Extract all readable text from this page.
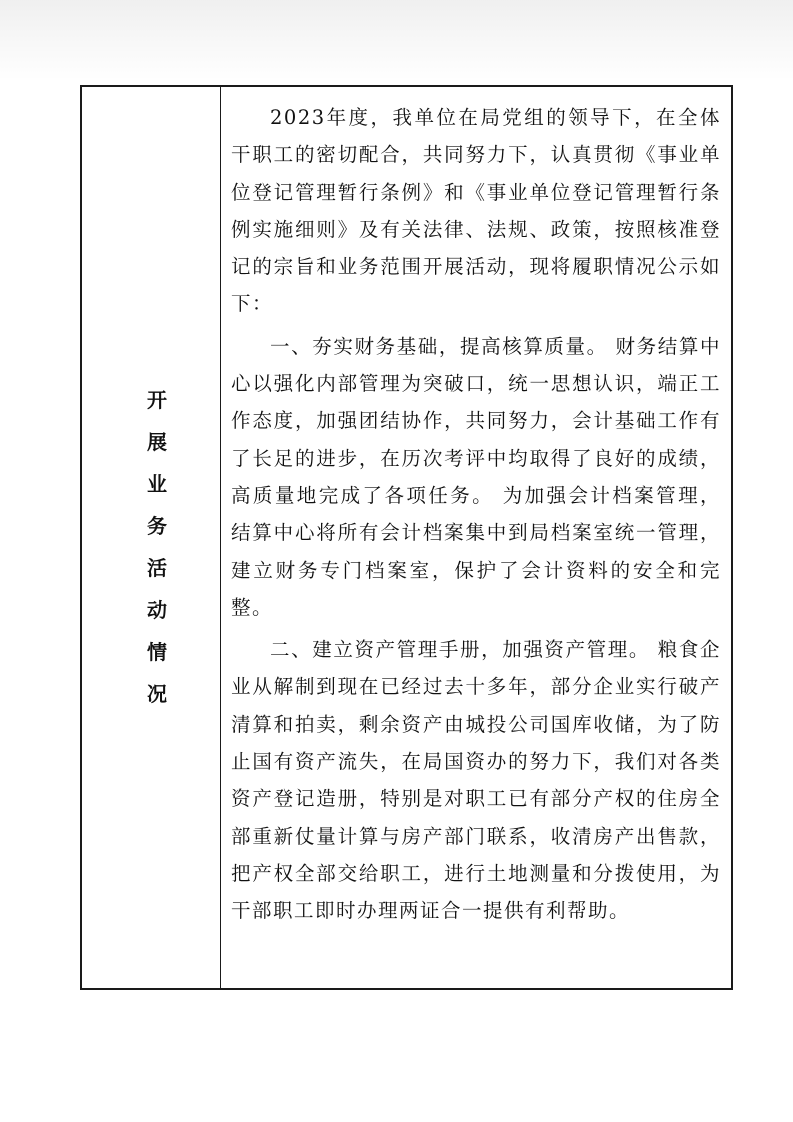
开
展
业
务
活
动
情
况

2023年度，我单位在局党组的领导下，在全体干职工的密切配合，共同努力下，认真贯彻《事业单位登记管理暂行条例》和《事业单位登记管理暂行条例实施细则》及有关法律、法规、政策，按照核准登记的宗旨和业务范围开展活动，现将履职情况公示如下：

一、夯实财务基础，提高核算质量。 财务结算中心以强化内部管理为突破口，统一思想认识，端正工作态度，加强团结协作，共同努力，会计基础工作有了长足的进步，在历次考评中均取得了良好的成绩，高质量地完成了各项任务。 为加强会计档案管理，结算中心将所有会计档案集中到局档案室统一管理，建立财务专门档案室，保护了会计资料的安全和完整。

二、建立资产管理手册，加强资产管理。 粮食企业从解制到现在已经过去十多年，部分企业实行破产清算和拍卖，剩余资产由城投公司国库收储，为了防止国有资产流失，在局国资办的努力下，我们对各类资产登记造册，特别是对职工已有部分产权的住房全部重新仗量计算与房产部门联系，收清房产出售款，把产权全部交给职工，进行土地测量和分拨使用，为干部职工即时办理两证合一提供有利帮助。
